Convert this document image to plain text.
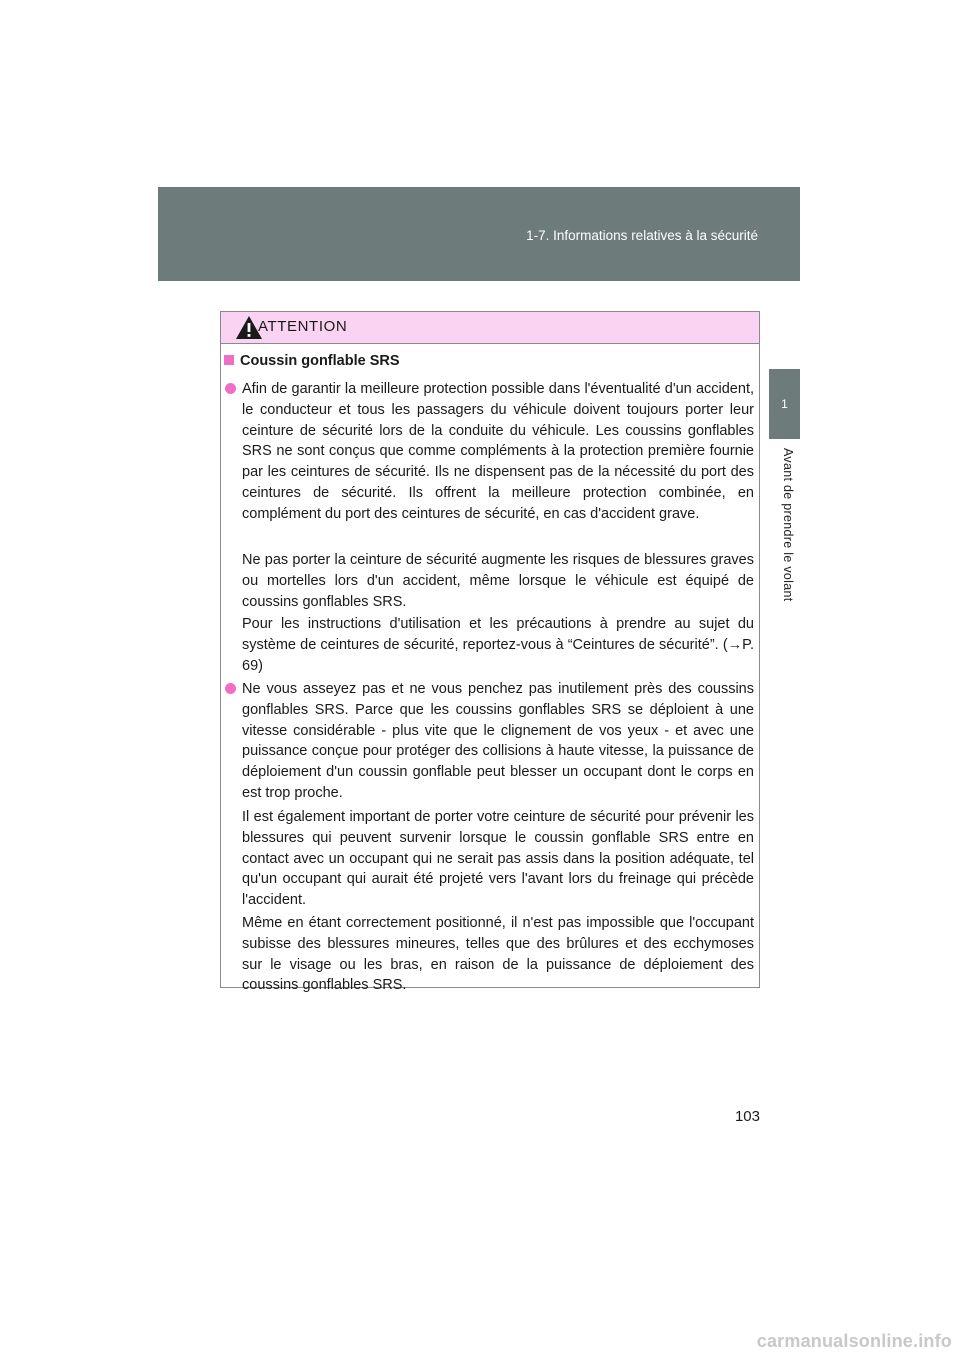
1-7. Informations relatives à la sécurité
1
Avant de prendre le volant
ATTENTION
Coussin gonflable SRS
Afin de garantir la meilleure protection possible dans l'éventualité d'un accident, le conducteur et tous les passagers du véhicule doivent toujours porter leur ceinture de sécurité lors de la conduite du véhicule. Les coussins gonflables SRS ne sont conçus que comme compléments à la protection première fournie par les ceintures de sécurité. Ils ne dispensent pas de la nécessité du port des ceintures de sécurité. Ils offrent la meilleure protection combinée, en complément du port des ceintures de sécurité, en cas d'accident grave.
Ne pas porter la ceinture de sécurité augmente les risques de blessures graves ou mortelles lors d'un accident, même lorsque le véhicule est équipé de coussins gonflables SRS.
Pour les instructions d'utilisation et les précautions à prendre au sujet du système de ceintures de sécurité, reportez-vous à “Ceintures de sécurité”. (→P. 69)
Ne vous asseyez pas et ne vous penchez pas inutilement près des coussins gonflables SRS. Parce que les coussins gonflables SRS se déploient à une vitesse considérable - plus vite que le clignement de vos yeux - et avec une puissance conçue pour protéger des collisions à haute vitesse, la puissance de déploiement d'un coussin gonflable peut blesser un occupant dont le corps en est trop proche.
Il est également important de porter votre ceinture de sécurité pour prévenir les blessures qui peuvent survenir lorsque le coussin gonflable SRS entre en contact avec un occupant qui ne serait pas assis dans la position adéquate, tel qu'un occupant qui aurait été projeté vers l'avant lors du freinage qui précède l'accident.
Même en étant correctement positionné, il n'est pas impossible que l'occupant subisse des blessures mineures, telles que des brûlures et des ecchymoses sur le visage ou les bras, en raison de la puissance de déploiement des coussins gonflables SRS.
103
carmanualsonline.info
